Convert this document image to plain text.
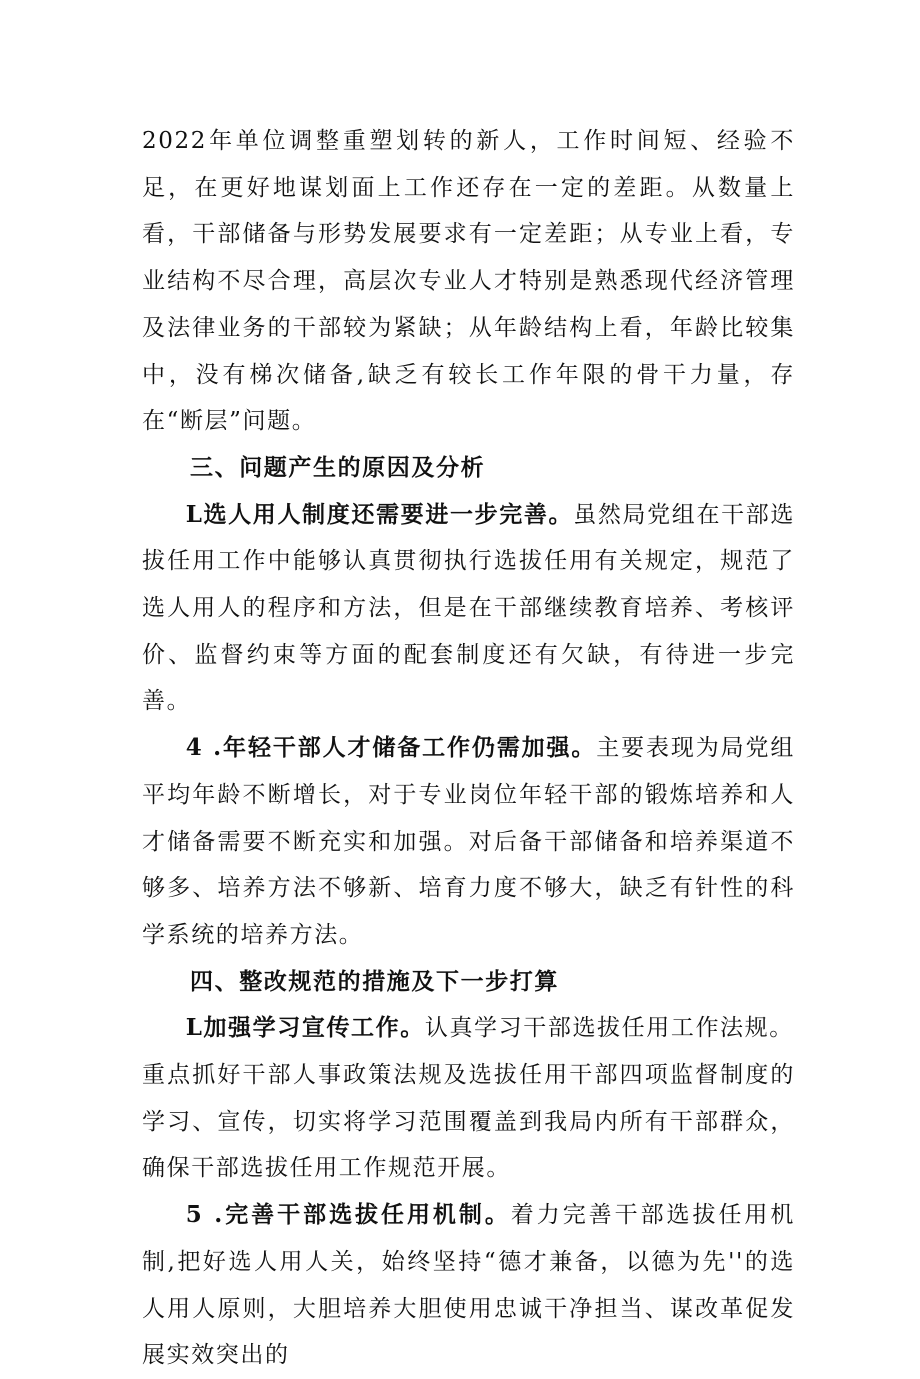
2022年单位调整重塑划转的新人，工作时间短、经验不足，在更好地谋划面上工作还存在一定的差距。从数量上看，干部储备与形势发展要求有一定差距；从专业上看，专业结构不尽合理，高层次专业人才特别是熟悉现代经济管理及法律业务的干部较为紧缺；从年龄结构上看，年龄比较集中，没有梯次储备,缺乏有较长工作年限的骨干力量，存在“断层”问题。

三、问题产生的原因及分析

L选人用人制度还需要进一步完善。虽然局党组在干部选拔任用工作中能够认真贯彻执行选拔任用有关规定，规范了选人用人的程序和方法，但是在干部继续教育培养、考核评价、监督约束等方面的配套制度还有欠缺，有待进一步完善。

4 .年轻干部人才储备工作仍需加强。主要表现为局党组平均年龄不断增长，对于专业岗位年轻干部的锻炼培养和人才储备需要不断充实和加强。对后备干部储备和培养渠道不够多、培养方法不够新、培育力度不够大，缺乏有针性的科学系统的培养方法。

四、整改规范的措施及下一步打算

L加强学习宣传工作。认真学习干部选拔任用工作法规。

重点抓好干部人事政策法规及选拔任用干部四项监督制度的学习、宣传，切实将学习范围覆盖到我局内所有干部群众，确保干部选拔任用工作规范开展。

5 .完善干部选拔任用机制。着力完善干部选拔任用机制,把好选人用人关，始终坚持“德才兼备，以德为先''的选人用人原则，大胆培养大胆使用忠诚干净担当、谋改革促发展实效突出的
